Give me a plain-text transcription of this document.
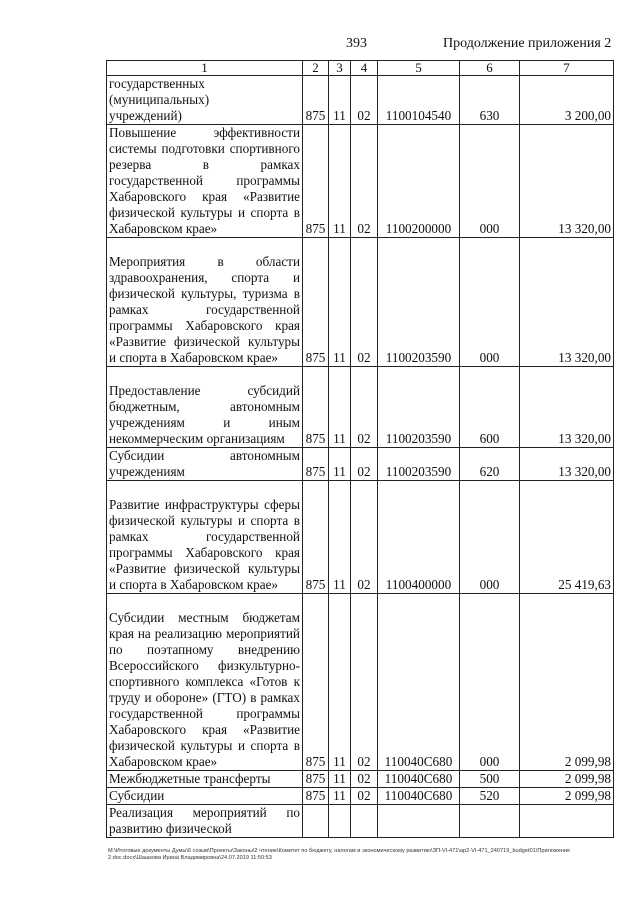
393	Продолжение приложения 2
1	2	3	4	5	6	7
государственных
(муниципальных)
учреждений)	875	11	02	1100104540	630	3 200,00
Повышение эффективности системы подготовки спортивного резерва в рамках государственной программы Хабаровского края «Развитие физической культуры и спорта в Хабаровском крае»	875	11	02	1100200000	000	13 320,00
Мероприятия в области здравоохранения, спорта и физической культуры, туризма в рамках государственной программы Хабаровского края «Развитие физической культуры и спорта в Хабаровском крае»	875	11	02	1100203590	000	13 320,00
Предоставление субсидий бюджетным, автономным учреждениям и иным некоммерческим организациям	875	11	02	1100203590	600	13 320,00
Субсидии автономным учреждениям	875	11	02	1100203590	620	13 320,00
Развитие инфраструктуры сферы физической культуры и спорта в рамках государственной программы Хабаровского края «Развитие физической культуры и спорта в Хабаровском крае»	875	11	02	1100400000	000	25 419,63
Субсидии местным бюджетам края на реализацию мероприятий по поэтапному внедрению Всероссийского физкультурно-спортивного комплекса «Готов к труду и обороне» (ГТО) в рамках государственной программы Хабаровского края «Развитие физической культуры и спорта в Хабаровском крае»	875	11	02	110040С680	000	2 099,98
Межбюджетные трансферты	875	11	02	110040С680	500	2 099,98
Субсидии	875	11	02	110040С680	520	2 099,98
Реализация мероприятий по развитию физической						
M:\Итоговые документы Думы\6 созыв\Проекты\Законы\2 чтение\Комитет по бюджету, налогам и экономическому развитию\ЗП-VI-471\ар2-VI-471_240719_budget01\Приложение 2.doc.docx\Шашкова Ирина Владимировна\24.07.2019 11:50:53
